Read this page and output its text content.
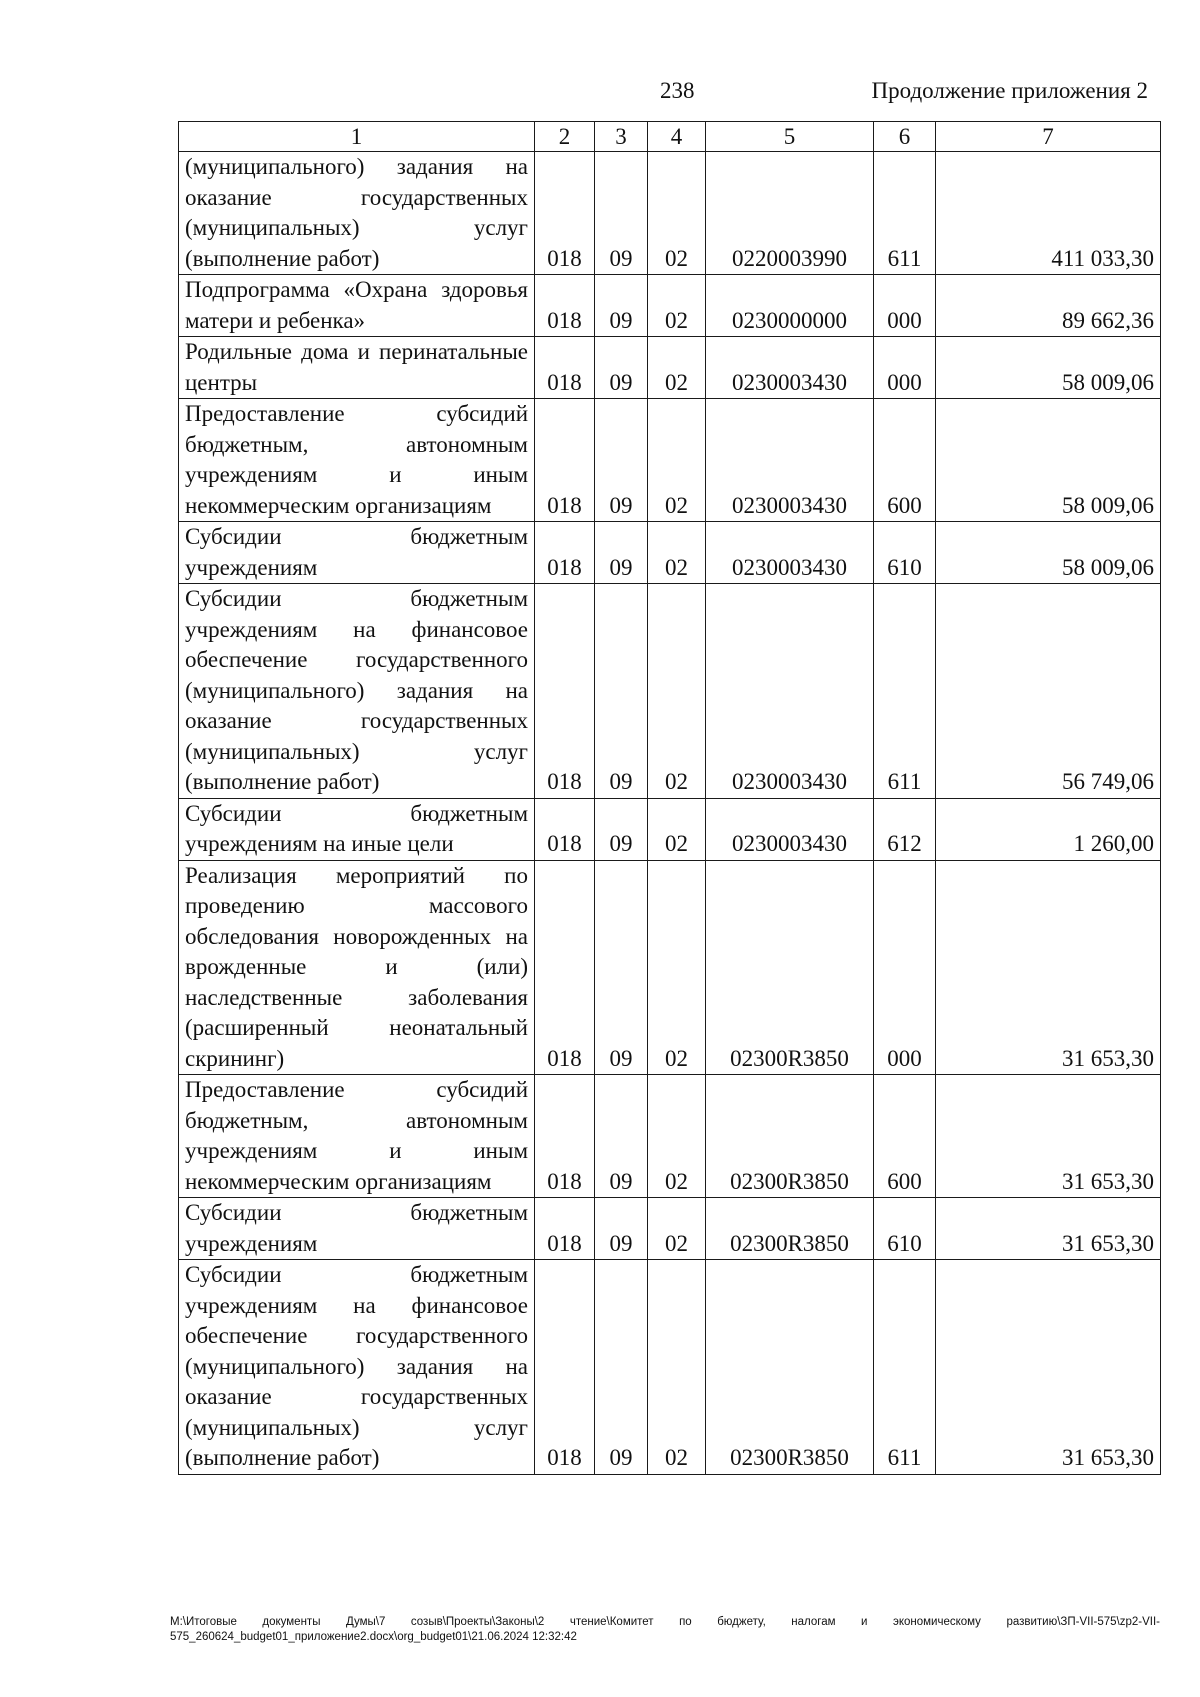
238	Продолжение приложения 2
1	2	3	4	5	6	7
(муниципального) задания на оказание государственных (муниципальных) услуг (выполнение работ)	018	09	02	0220003990	611	411 033,30
Подпрограмма «Охрана здоровья матери и ребенка»	018	09	02	0230000000	000	89 662,36
Родильные дома и перинатальные центры	018	09	02	0230003430	000	58 009,06
Предоставление субсидий бюджетным, автономным учреждениям и иным некоммерческим организациям	018	09	02	0230003430	600	58 009,06
Субсидии бюджетным учреждениям	018	09	02	0230003430	610	58 009,06
Субсидии бюджетным учреждениям на финансовое обеспечение государственного (муниципального) задания на оказание государственных (муниципальных) услуг (выполнение работ)	018	09	02	0230003430	611	56 749,06
Субсидии бюджетным учреждениям на иные цели	018	09	02	0230003430	612	1 260,00
Реализация мероприятий по проведению массового обследования новорожденных на врожденные и (или) наследственные заболевания (расширенный неонатальный скрининг)	018	09	02	02300R3850	000	31 653,30
Предоставление субсидий бюджетным, автономным учреждениям и иным некоммерческим организациям	018	09	02	02300R3850	600	31 653,30
Субсидии бюджетным учреждениям	018	09	02	02300R3850	610	31 653,30
Субсидии бюджетным учреждениям на финансовое обеспечение государственного (муниципального) задания на оказание государственных (муниципальных) услуг (выполнение работ)	018	09	02	02300R3850	611	31 653,30
M:\Итоговые документы Думы\7 созыв\Проекты\Законы\2 чтение\Комитет по бюджету, налогам и экономическому развитию\ЗП-VII-575\zp2-VII-575_260624_budget01_приложение2.docx\org_budget01\21.06.2024 12:32:42
